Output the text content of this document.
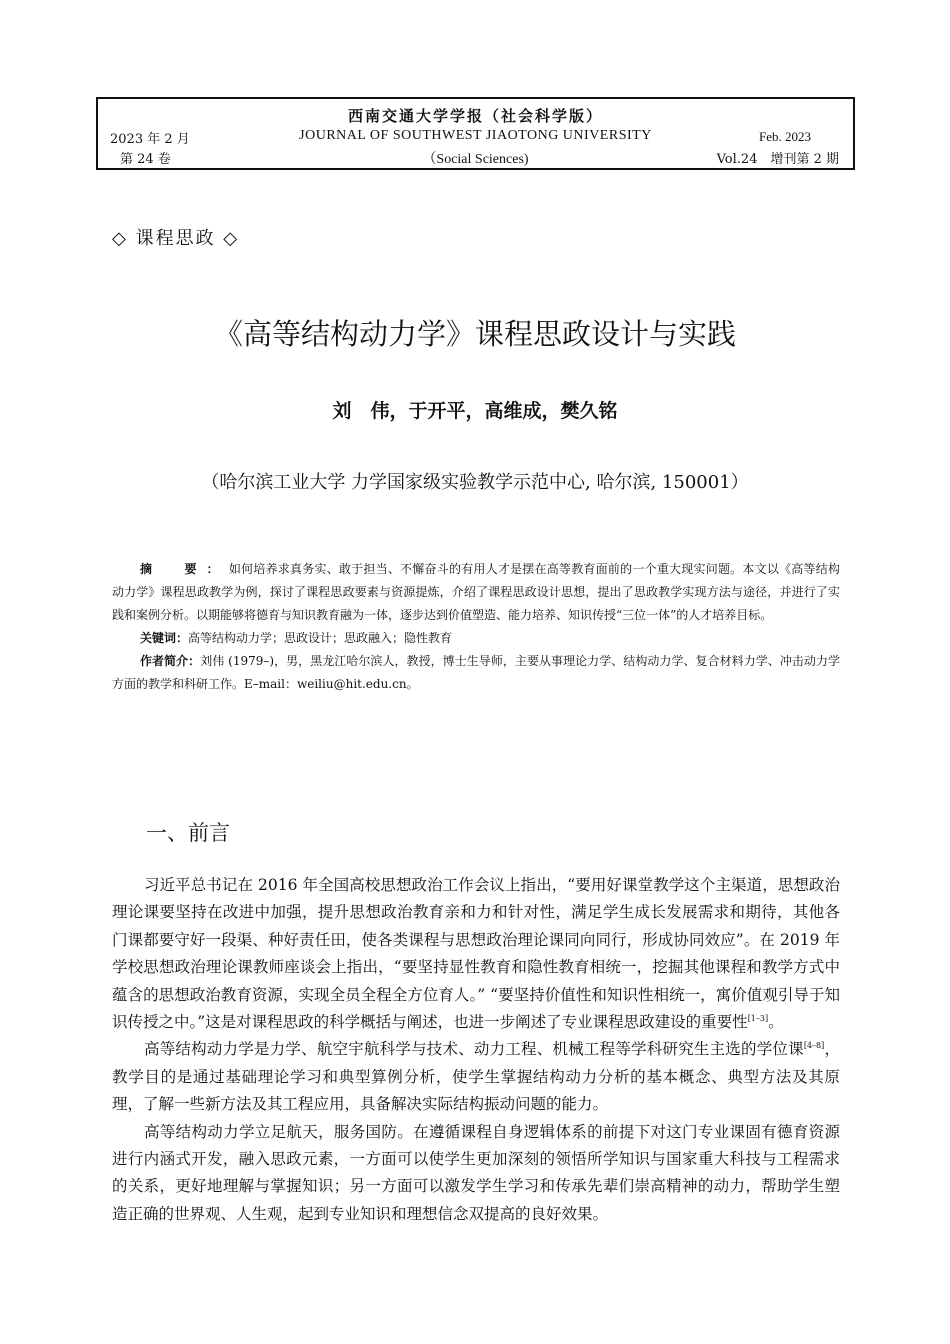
西南交通大学学报（社会科学版）
JOURNAL OF SOUTHWEST JIAOTONG UNIVERSITY
（Social Sciences)
2023 年 2 月
第 24 卷
Feb. 2023
Vol.24　增刊第 2 期
◇ 课程思政 ◇
《高等结构动力学》课程思政设计与实践
刘　伟，于开平，高维成，樊久铭
（哈尔滨工业大学 力学国家级实验教学示范中心, 哈尔滨, 150001）

摘　要：如何培养求真务实、敢于担当、不懈奋斗的有用人才是摆在高等教育面前的一个重大现实问题。本文以《高等结构动力学》课程思政教学为例，探讨了课程思政要素与资源提炼，介绍了课程思政设计思想，提出了思政教学实现方法与途径，并进行了实践和案例分析。以期能够将德育与知识教育融为一体，逐步达到价值塑造、能力培养、知识传授“三位一体”的人才培养目标。

关键词：高等结构动力学；思政设计；思政融入；隐性教育

作者简介：刘伟 (1979–)，男，黑龙江哈尔滨人，教授，博士生导师，主要从事理论力学、结构动力学、复合材料力学、冲击动力学方面的教学和科研工作。E–mail：weiliu@hit.edu.cn。

一、前言

习近平总书记在 2016 年全国高校思想政治工作会议上指出，“要用好课堂教学这个主渠道，思想政治理论课要坚持在改进中加强，提升思想政治教育亲和力和针对性，满足学生成长发展需求和期待，其他各门课都要守好一段渠、种好责任田，使各类课程与思想政治理论课同向同行，形成协同效应”。在 2019 年学校思想政治理论课教师座谈会上指出，“要坚持显性教育和隐性教育相统一，挖掘其他课程和教学方式中蕴含的思想政治教育资源，实现全员全程全方位育人。” “要坚持价值性和知识性相统一，寓价值观引导于知识传授之中。”这是对课程思政的科学概括与阐述，也进一步阐述了专业课程思政建设的重要性[1–3]。

高等结构动力学是力学、航空宇航科学与技术、动力工程、机械工程等学科研究生主选的学位课[4–8]，教学目的是通过基础理论学习和典型算例分析，使学生掌握结构动力分析的基本概念、典型方法及其原理，了解一些新方法及其工程应用，具备解决实际结构振动问题的能力。

高等结构动力学立足航天，服务国防。在遵循课程自身逻辑体系的前提下对这门专业课固有德育资源进行内涵式开发，融入思政元素，一方面可以使学生更加深刻的领悟所学知识与国家重大科技与工程需求的关系，更好地理解与掌握知识；另一方面可以激发学生学习和传承先辈们崇高精神的动力，帮助学生塑造正确的世界观、人生观，起到专业知识和理想信念双提高的良好效果。
